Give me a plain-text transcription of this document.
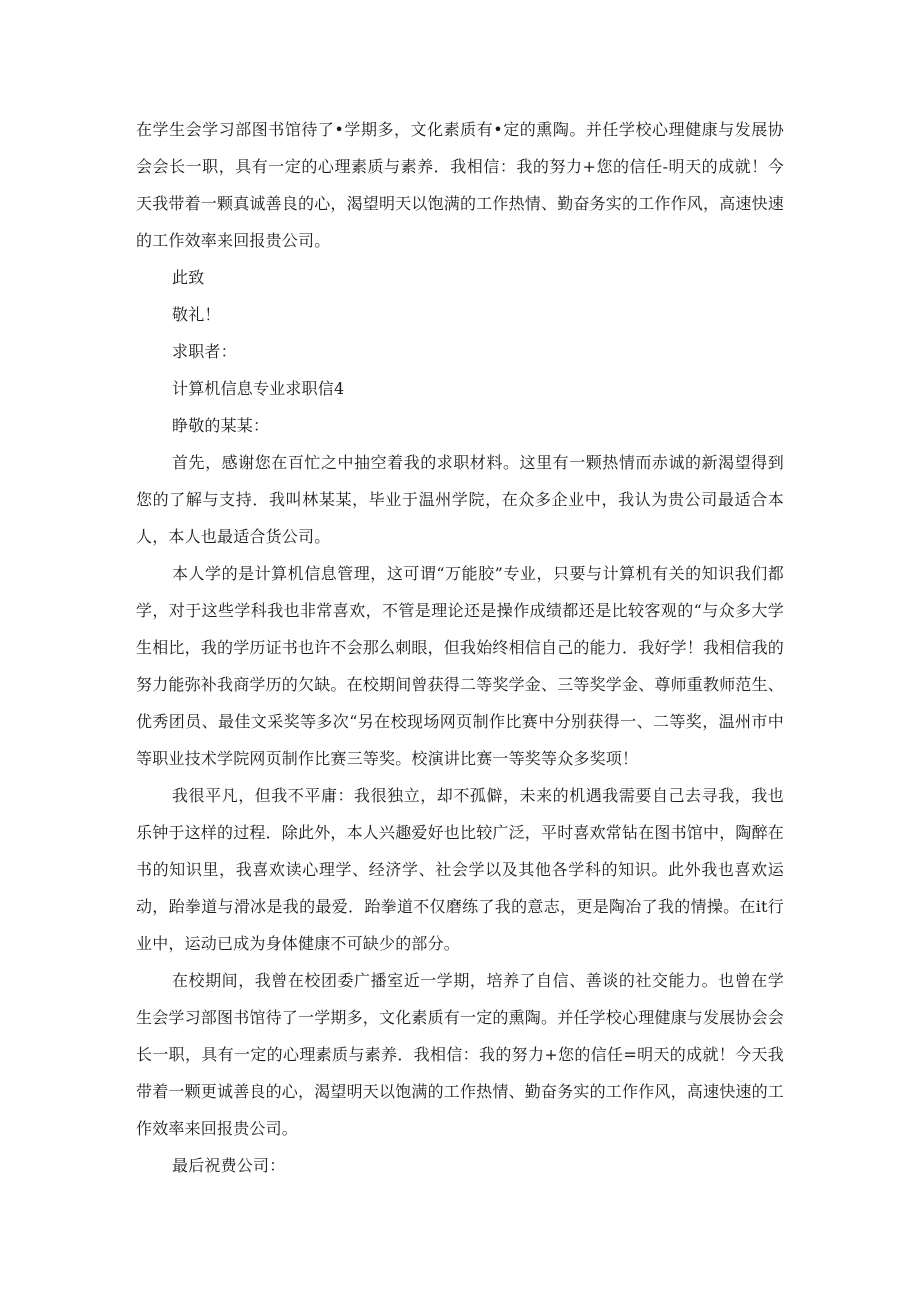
在学生会学习部图书馆待了•学期多，文化素质有•定的熏陶。并任学校心理健康与发展协会会长一职，具有一定的心理素质与素养．我相信：我的努力+您的信任-明天的成就！今天我带着一颗真诚善良的心，渴望明天以饱满的工作热情、勤奋务实的工作作风，高速快速的工作效率来回报贵公司。

此致

敬礼！

求职者：

计算机信息专业求职信4

睁敬的某某：

首先，感谢您在百忙之中抽空着我的求职材料。这里有一颗热情而赤诚的新渴望得到您的了解与支持．我叫林某某，毕业于温州学院，在众多企业中，我认为贵公司最适合本人，本人也最适合货公司。

本人学的是计算机信息管理，这可谓“万能胶”专业，只要与计算机有关的知识我们都学，对于这些学科我也非常喜欢，不管是理论还是操作成绩都还是比较客观的“与众多大学生相比，我的学历证书也许不会那么刺眼，但我始终相信自己的能力．我好学！我相信我的努力能弥补我商学历的欠缺。在校期间曾获得二等奖学金、三等奖学金、尊师重教师范生、优秀团员、最佳文采奖等多次“另在校现场网页制作比赛中分别获得一、二等奖，温州市中等职业技术学院网页制作比赛三等奖。校演讲比赛一等奖等众多奖项！

我很平凡，但我不平庸：我很独立，却不孤僻，未来的机遇我需要自己去寻我，我也乐钟于这样的过程．除此外，本人兴趣爱好也比较广泛，平时喜欢常钻在图书馆中，陶醉在书的知识里，我喜欢读心理学、经济学、社会学以及其他各学科的知识。此外我也喜欢运动，跆拳道与滑冰是我的最爱．跆拳道不仅磨练了我的意志，更是陶冶了我的情操。在it行业中，运动已成为身体健康不可缺少的部分。

在校期间，我曾在校团委广播室近一学期，培养了自信、善谈的社交能力。也曾在学生会学习部图书馆待了一学期多，文化素质有一定的熏陶。并任学校心理健康与发展协会会长一职，具有一定的心理素质与素养．我相信：我的努力+您的信任=明天的成就！今天我带着一颗更诚善良的心，渴望明天以饱满的工作热情、勤奋务实的工作作风，高速快速的工作效率来回报贵公司。

最后祝费公司：
